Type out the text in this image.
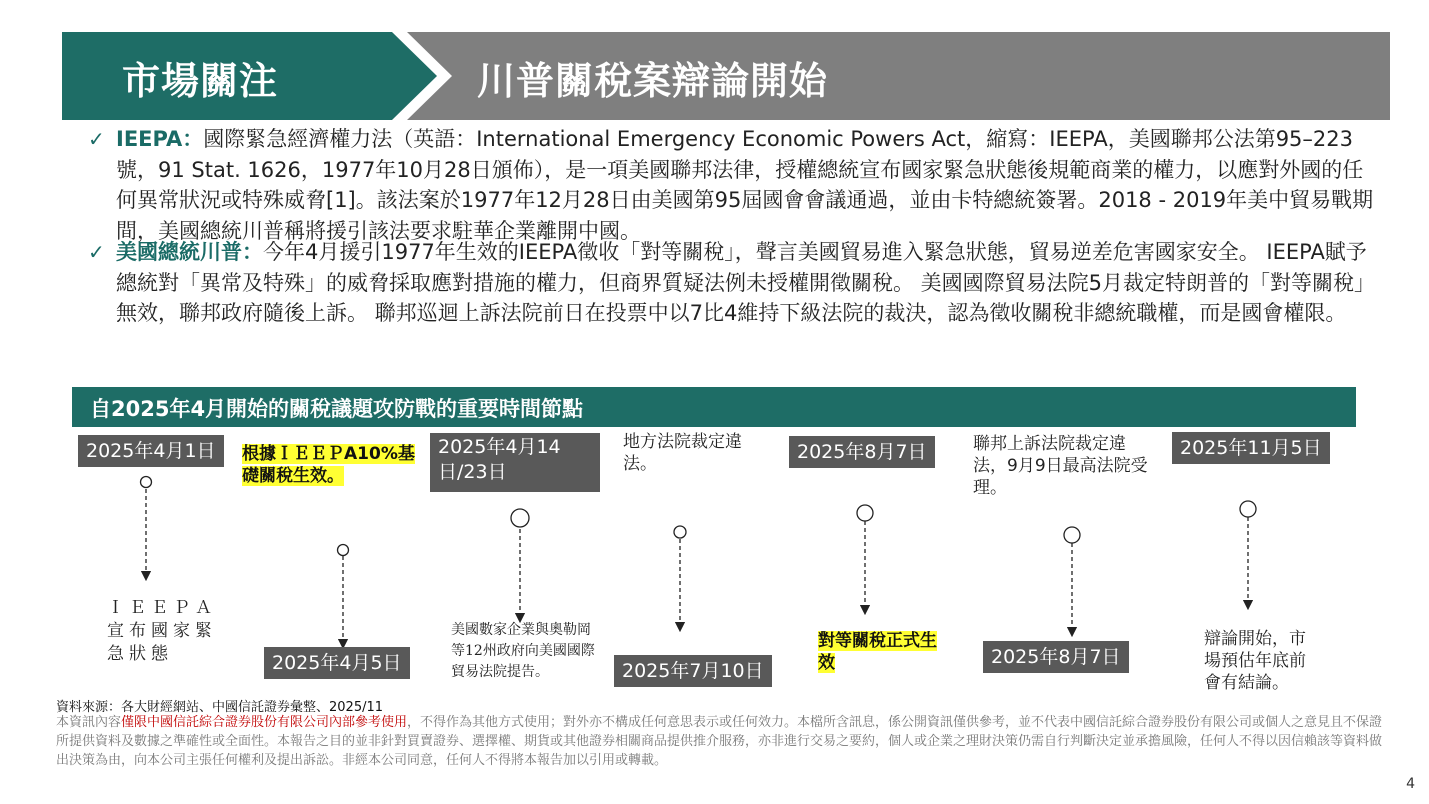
市場關注	川普關稅案辯論開始
✓ IEEPA：國際緊急經濟權力法（英語：International Emergency Economic Powers Act，縮寫：IEEPA，美國聯邦公法第95–223號，91 Stat. 1626，1977年10月28日頒佈），是一項美國聯邦法律，授權總統宣布國家緊急狀態後規範商業的權力，以應對外國的任何異常狀況或特殊威脅[1]。該法案於1977年12月28日由美國第95屆國會會議通過，並由卡特總統簽署。2018 - 2019年美中貿易戰期間，美國總統川普稱將援引該法要求駐華企業離開中國。
✓ 美國總統川普：今年4月援引1977年生效的IEEPA徵收「對等關稅」，聲言美國貿易進入緊急狀態，貿易逆差危害國家安全。 IEEPA賦予總統對「異常及特殊」的威脅採取應對措施的權力，但商界質疑法例未授權開徵關稅。 美國國際貿易法院5月裁定特朗普的「對等關稅」無效，聯邦政府隨後上訴。 聯邦巡迴上訴法院前日在投票中以7比4維持下級法院的裁決，認為徵收關稅非總統職權，而是國會權限。
自2025年4月開始的關稅議題攻防戰的重要時間節點
2025年4月1日
ＩＥＥＰＡ宣布國家緊急狀態
根據ＩＥＥＰA10%基礎關稅生效。
2025年4月5日
2025年4月14日/23日
美國數家企業與奧勒岡等12州政府向美國國際貿易法院提告。
地方法院裁定違法。
2025年7月10日
2025年8月7日
對等關稅正式生效
聯邦上訴法院裁定違法，9月9日最高法院受理。
2025年8月7日
2025年11月5日
辯論開始，市場預估年底前會有結論。
資料來源：各大財經網站、中國信託證券彙整、2025/11
本資訊內容僅限中國信託綜合證券股份有限公司內部參考使用，不得作為其他方式使用；對外亦不構成任何意思表示或任何效力。本檔所含訊息，係公開資訊僅供參考，並不代表中國信託綜合證券股份有限公司或個人之意見且不保證所提供資料及數據之準確性或全面性。本報告之目的並非針對買賣證券、選擇權、期貨或其他證券相關商品提供推介服務，亦非進行交易之要約，個人或企業之理財決策仍需自行判斷決定並承擔風險，任何人不得以因信賴該等資料做出決策為由，向本公司主張任何權利及提出訴訟。非經本公司同意，任何人不得將本報告加以引用或轉載。
4
